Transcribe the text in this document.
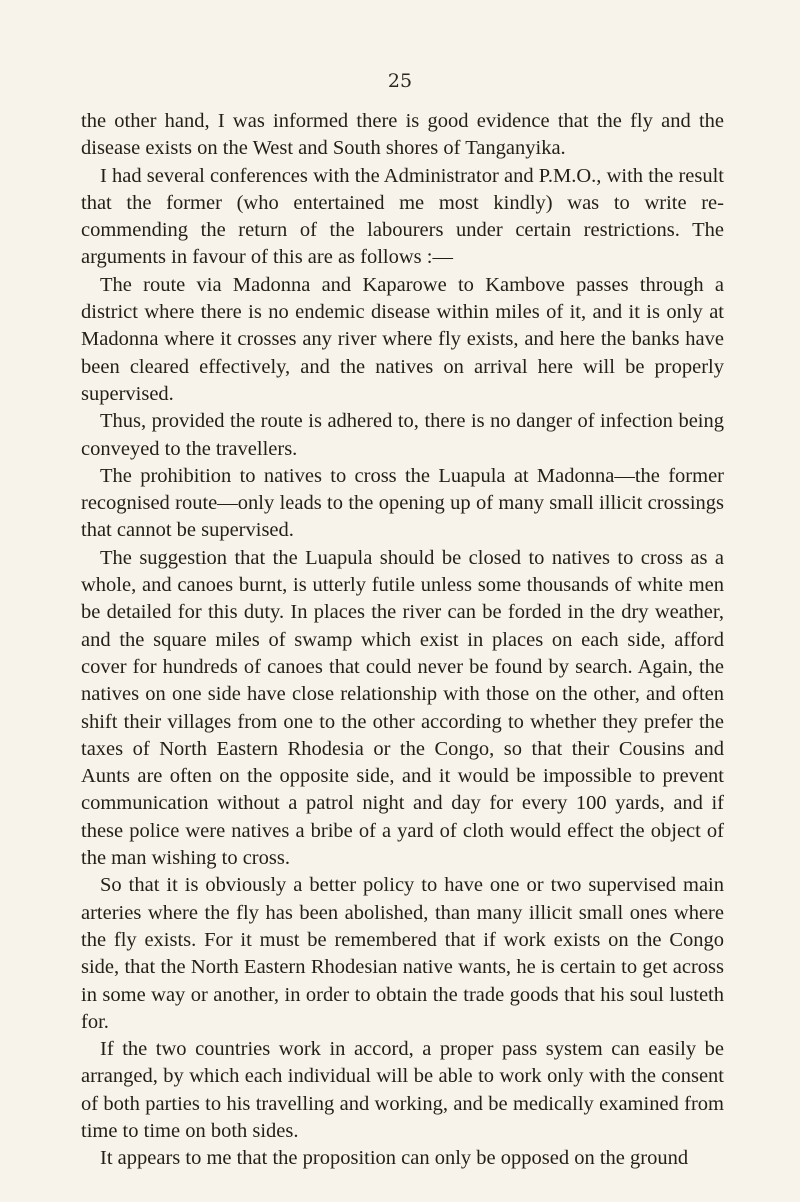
25

the other hand, I was informed there is good evidence that the fly and the disease exists on the West and South shores of Tanganyika.

I had several conferences with the Administrator and P.M.O., with the result that the former (who entertained me most kindly) was to write re-commending the return of the labourers under certain restrictions. The arguments in favour of this are as follows :—

The route via Madonna and Kaparowe to Kambove passes through a district where there is no endemic disease within miles of it, and it is only at Madonna where it crosses any river where fly exists, and here the banks have been cleared effectively, and the natives on arrival here will be properly supervised.

Thus, provided the route is adhered to, there is no danger of infection being conveyed to the travellers.

The prohibition to natives to cross the Luapula at Madonna—the former recognised route—only leads to the opening up of many small illicit crossings that cannot be supervised.

The suggestion that the Luapula should be closed to natives to cross as a whole, and canoes burnt, is utterly futile unless some thousands of white men be detailed for this duty. In places the river can be forded in the dry weather, and the square miles of swamp which exist in places on each side, afford cover for hundreds of canoes that could never be found by search. Again, the natives on one side have close relationship with those on the other, and often shift their villages from one to the other according to whether they prefer the taxes of North Eastern Rhodesia or the Congo, so that their Cousins and Aunts are often on the opposite side, and it would be impossible to prevent communication without a patrol night and day for every 100 yards, and if these police were natives a bribe of a yard of cloth would effect the object of the man wishing to cross.

So that it is obviously a better policy to have one or two supervised main arteries where the fly has been abolished, than many illicit small ones where the fly exists. For it must be remembered that if work exists on the Congo side, that the North Eastern Rhodesian native wants, he is certain to get across in some way or another, in order to obtain the trade goods that his soul lusteth for.

If the two countries work in accord, a proper pass system can easily be arranged, by which each individual will be able to work only with the consent of both parties to his travelling and working, and be medically examined from time to time on both sides.

It appears to me that the proposition can only be opposed on the ground
